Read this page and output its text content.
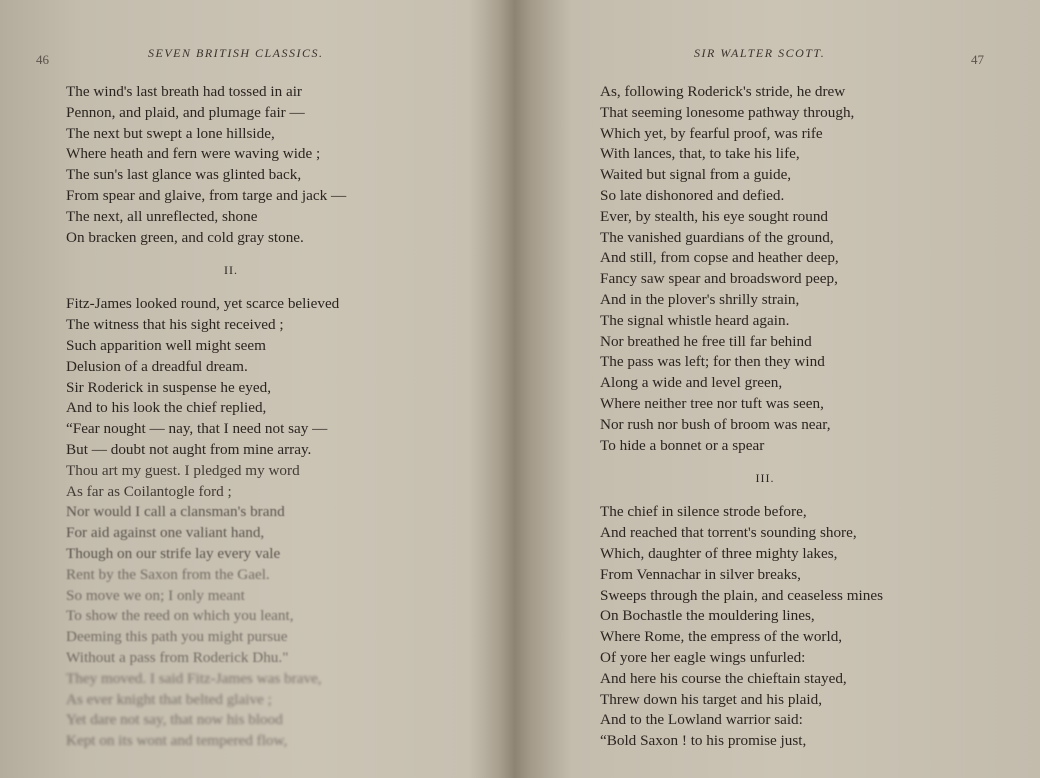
46	SEVEN BRITISH CLASSICS.
The wind's last breath had tossed in air
Pennon, and plaid, and plumage fair —
The next but swept a lone hillside,
Where heath and fern were waving wide ;
The sun's last glance was glinted back,
From spear and glaive, from targe and jack —
The next, all unreflected, shone
On bracken green, and cold gray stone.
II.
Fitz-James looked round, yet scarce believed
The witness that his sight received ;
Such apparition well might seem
Delusion of a dreadful dream.
Sir Roderick in suspense he eyed,
And to his look the chief replied,
“Fear nought — nay, that I need not say —
But — doubt not aught from mine array.
Thou art my guest. I pledged my word
As far as Coilantogle ford ;
Nor would I call a clansman's brand
For aid against one valiant hand,
Though on our strife lay every vale
Rent by the Saxon from the Gael.
So move we on; I only meant
To show the reed on which you leant,
Deeming this path you might pursue
Without a pass from Roderick Dhu."
They moved. I said Fitz-James was brave,
As ever knight that belted glaive ;
Yet dare not say, that now his blood
Kept on its wont and tempered flow,
SIR WALTER SCOTT.	47
As, following Roderick's stride, he drew
That seeming lonesome pathway through,
Which yet, by fearful proof, was rife
With lances, that, to take his life,
Waited but signal from a guide,
So late dishonored and defied.
Ever, by stealth, his eye sought round
The vanished guardians of the ground,
And still, from copse and heather deep,
Fancy saw spear and broadsword peep,
And in the plover's shrilly strain,
The signal whistle heard again.
Nor breathed he free till far behind
The pass was left; for then they wind
Along a wide and level green,
Where neither tree nor tuft was seen,
Nor rush nor bush of broom was near,
To hide a bonnet or a spear
III.
The chief in silence strode before,
And reached that torrent's sounding shore,
Which, daughter of three mighty lakes,
From Vennachar in silver breaks,
Sweeps through the plain, and ceaseless mines
On Bochastle the mouldering lines,
Where Rome, the empress of the world,
Of yore her eagle wings unfurled:
And here his course the chieftain stayed,
Threw down his target and his plaid,
And to the Lowland warrior said:
“Bold Saxon ! to his promise just,
